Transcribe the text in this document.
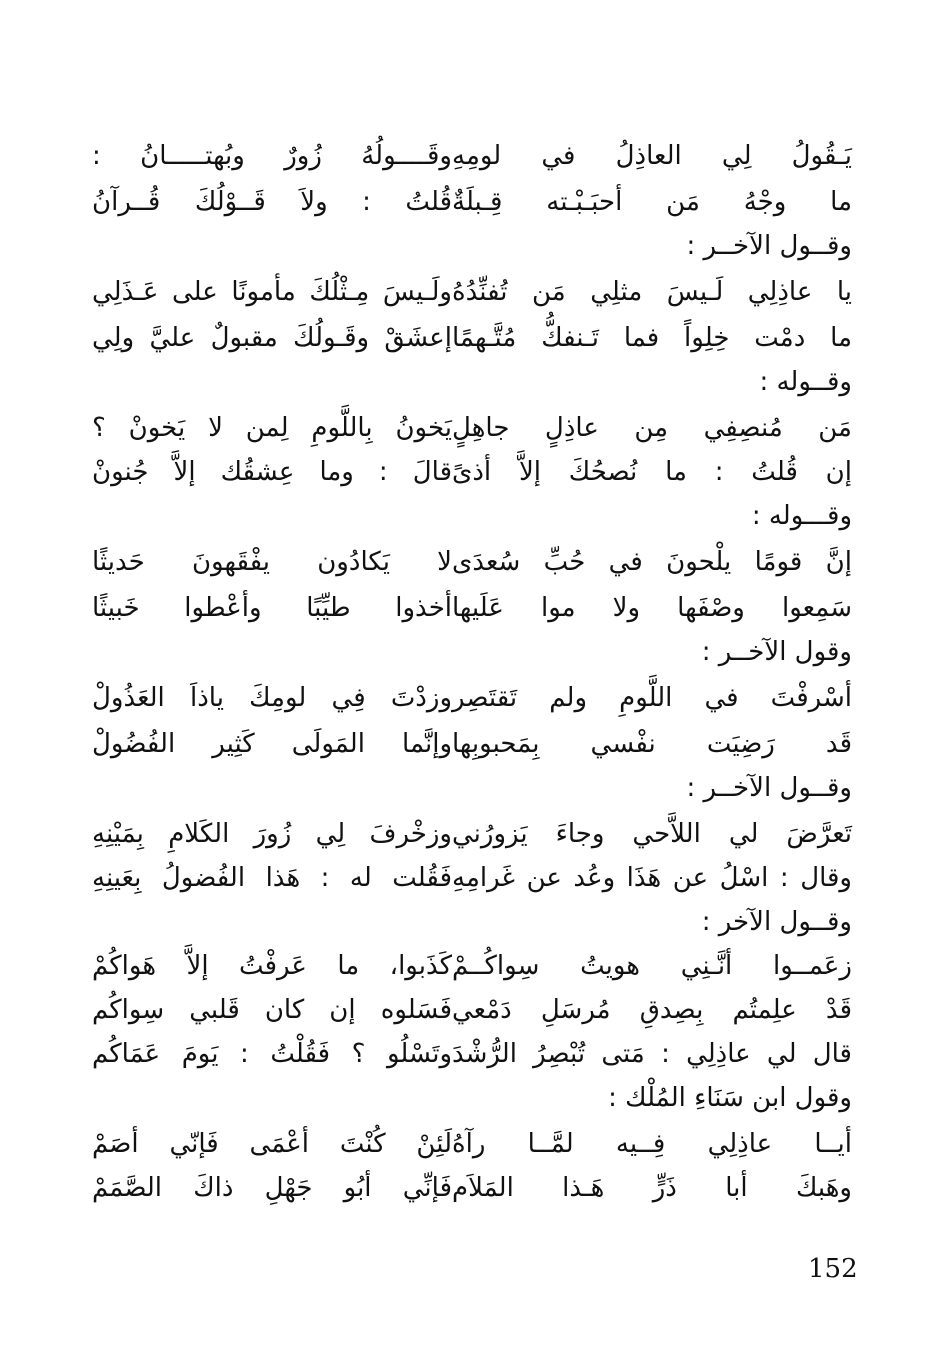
يَـقُولُ لِي العاذِلُ في لومِهِ
وقَــــولُهُ زُورٌ وبُهتـــــانُ :
ما وجْهُ مَن أحبَـبْـته قِـبلَةٌ
قُلتُ : ولاَ قَــوْلُكَ قُــرآنُ
وقــول الآخــر :
يا عاذِلِي لَـيسَ مثلِي مَن تُفنِّدُهُ
ولَـيسَ مِـثْلُكَ مأمونًا على عَـذَلِي
ما دمْت خِلِواً فما تَـنفكُّ مُتَّـهمًا
إعشَقْ وقَـولُكَ مقبولٌ عليَّ ولِي
وقــوله :
مَن مُنصِفِي مِن عاذِلٍ جاهِلٍ
يَخونُ بِاللَّومِ لِمن لا يَخونْ ؟
إن قُلتُ : ما نُصحُكَ إلاَّ أذىً
قالَ : وما عِشقُك إلاَّ جُنونْ
وقـــوله :
إنَّ قومًا يلْحونَ في حُبِّ سُعدَى
لا يَكادُون يفْقَهونَ حَديثًا
سَمِعوا وصْفَها ولا موا عَلَيها
أخذوا طيِّبًا وأعْطوا خَبيثًا
وقول الآخــر :
أسْرفْتَ في اللَّومِ ولم تَقتَصِر
وزدْتَ فِي لومِكَ ياذاَ العَذُولْ
قَد رَضِيَت نفْسي بِمَحبوبِها
وإنَّما المَولَى كَثِير الفُضُولْ
وقــول الآخــر :
تَعرَّضَ لي اللاَّحي وجاءَ يَزورُني
وزخْرفَ لِي زُورَ الكَلامِ بِمَيْنِهِ
وقال : اسْلُ عن هَذَا وعُد عن غَرامِهِ
فَقُلت له : هَذا الفُضولُ بِعَينِهِ
وقــول الآخر :
زعَمــوا أنَّـنِي هويتُ سِواكُــمْ
كَذَبوا، ما عَرفْتُ إلاَّ هَواكُمْ
قَدْ علِمتُم بِصِدقِ مُرسَلِ دَمْعي
فَسَلوه إن كان قَلبي سِواكُم
قال لي عاذِلِي : مَتى تُبْصِرُ الرُّشْدَ
وتَسْلُو ؟ فَقُلْتُ : يَومَ عَمَاكُم
وقول ابن سَنَاءِ المُلْك :
أيــا عاذِلِي فِــيه لمَّــا رآهُ
لَئِنْ كُنْتَ أعْمَى فَإنّي أصَمْ
وهَبكَ أبا ذَرٍّ هَـذا المَلاَم
فَإنِّي أبُو جَهْلِ ذاكَ الصَّمَمْ
152
